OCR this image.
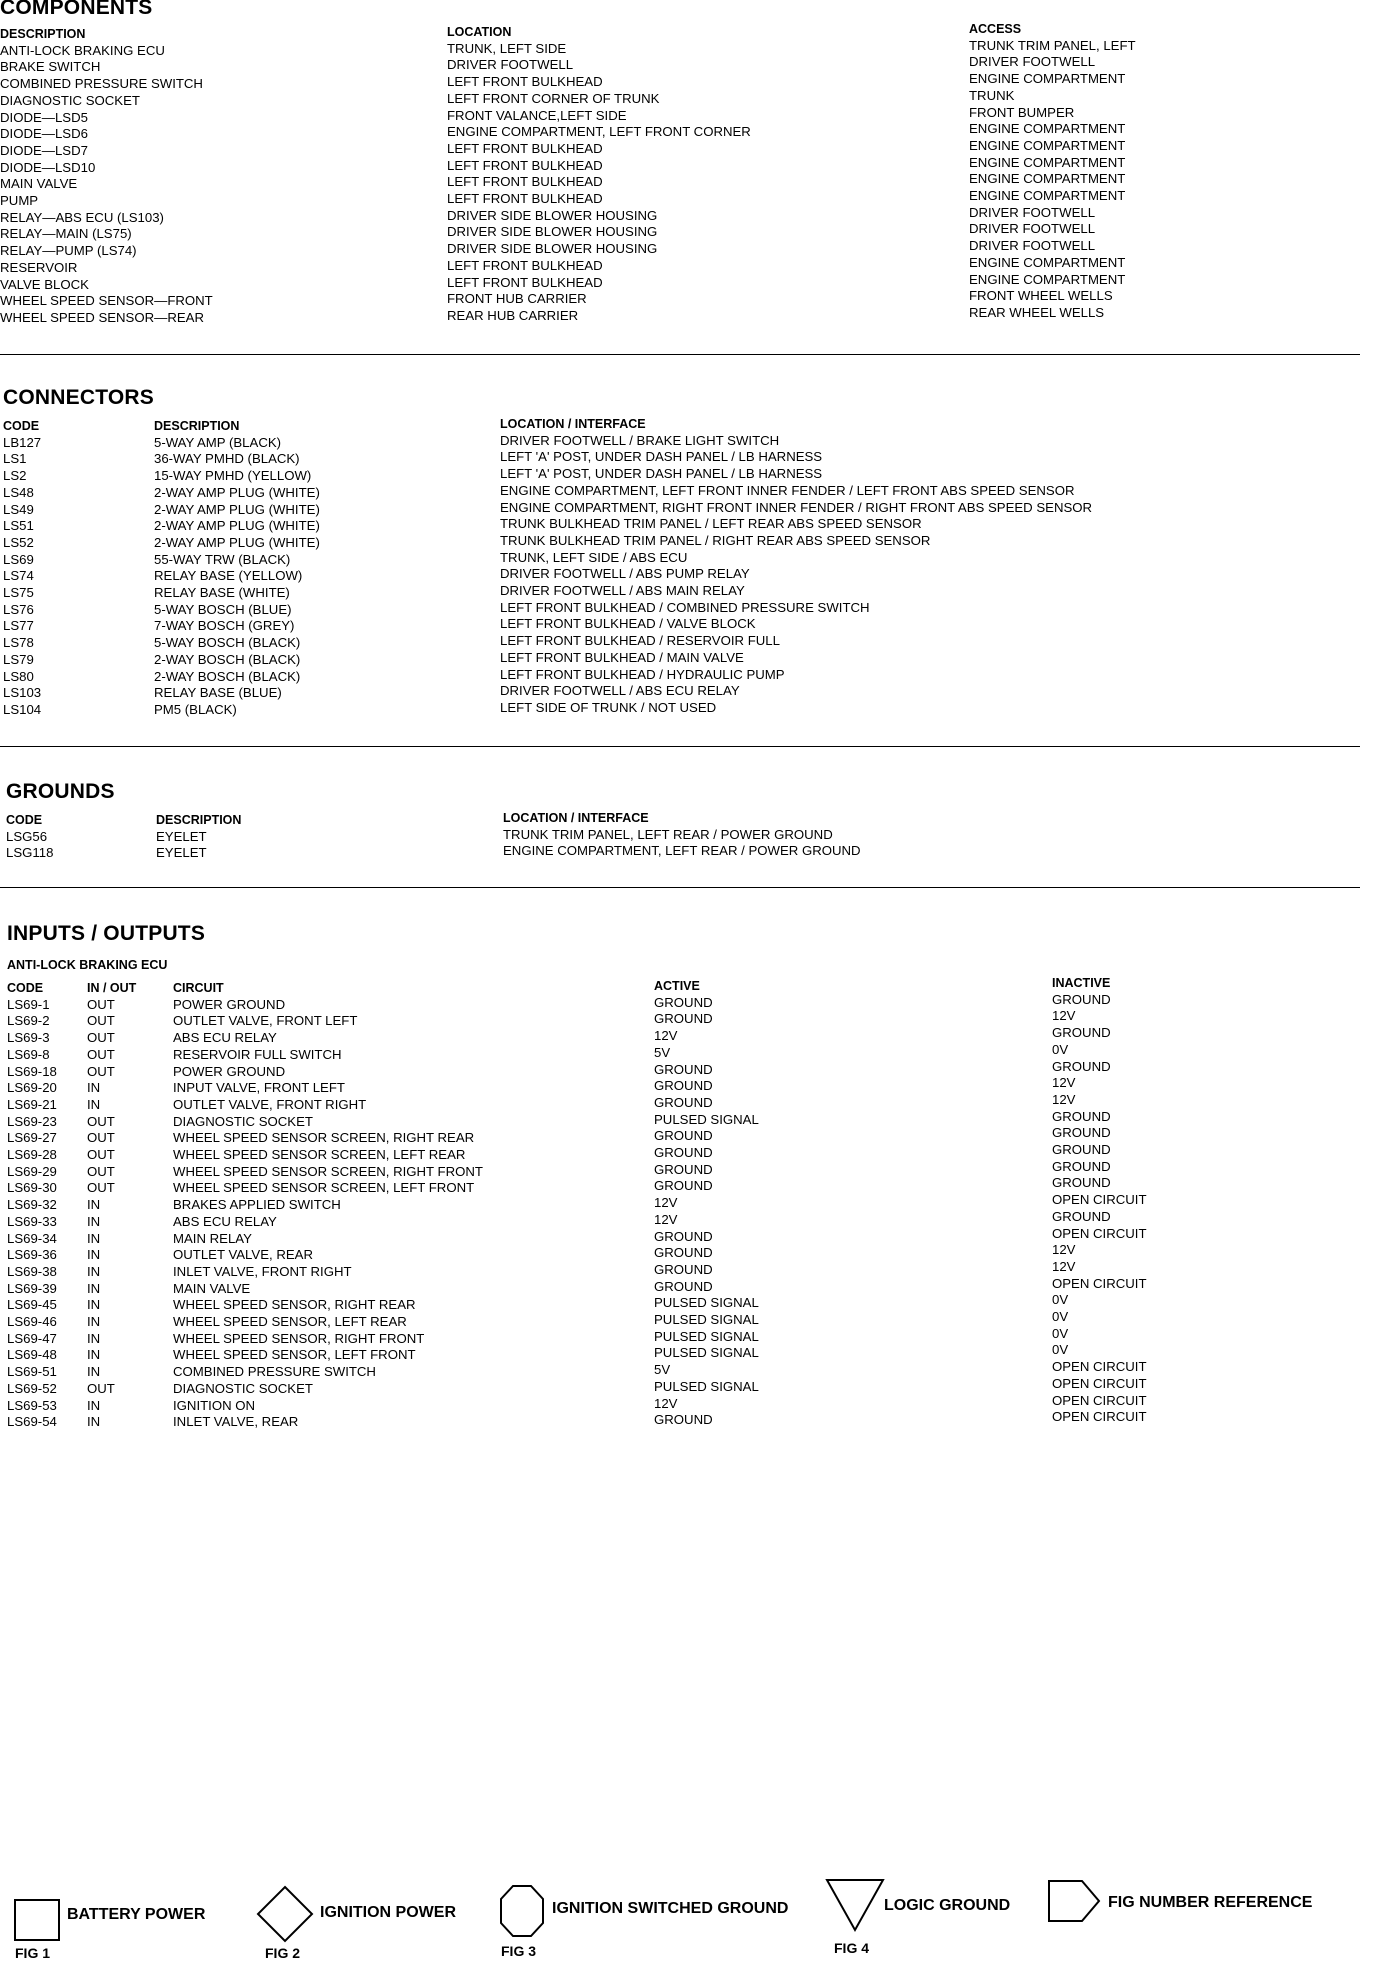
COMPONENTS
DESCRIPTION
ANTI-LOCK BRAKING ECU
BRAKE SWITCH
COMBINED PRESSURE SWITCH
DIAGNOSTIC SOCKET
DIODE—LSD5
DIODE—LSD6
DIODE—LSD7
DIODE—LSD10
MAIN VALVE
PUMP
RELAY—ABS ECU (LS103)
RELAY—MAIN (LS75)
RELAY—PUMP (LS74)
RESERVOIR
VALVE BLOCK
WHEEL SPEED SENSOR—FRONT
WHEEL SPEED SENSOR—REAR
LOCATION
TRUNK, LEFT SIDE
DRIVER FOOTWELL
LEFT FRONT BULKHEAD
LEFT FRONT CORNER OF TRUNK
FRONT VALANCE,LEFT SIDE
ENGINE COMPARTMENT, LEFT FRONT CORNER
LEFT FRONT BULKHEAD
LEFT FRONT BULKHEAD
LEFT FRONT BULKHEAD
LEFT FRONT BULKHEAD
DRIVER SIDE BLOWER HOUSING
DRIVER SIDE BLOWER HOUSING
DRIVER SIDE BLOWER HOUSING
LEFT FRONT BULKHEAD
LEFT FRONT BULKHEAD
FRONT HUB CARRIER
REAR HUB CARRIER
ACCESS
TRUNK TRIM PANEL, LEFT
DRIVER FOOTWELL
ENGINE COMPARTMENT
TRUNK
FRONT BUMPER
ENGINE COMPARTMENT
ENGINE COMPARTMENT
ENGINE COMPARTMENT
ENGINE COMPARTMENT
ENGINE COMPARTMENT
DRIVER FOOTWELL
DRIVER FOOTWELL
DRIVER FOOTWELL
ENGINE COMPARTMENT
ENGINE COMPARTMENT
FRONT WHEEL WELLS
REAR WHEEL WELLS
CONNECTORS
CODE
LB127
LS1
LS2
LS48
LS49
LS51
LS52
LS69
LS74
LS75
LS76
LS77
LS78
LS79
LS80
LS103
LS104
DESCRIPTION
5-WAY AMP (BLACK)
36-WAY PMHD (BLACK)
15-WAY PMHD (YELLOW)
2-WAY AMP PLUG (WHITE)
2-WAY AMP PLUG (WHITE)
2-WAY AMP PLUG (WHITE)
2-WAY AMP PLUG (WHITE)
55-WAY TRW (BLACK)
RELAY BASE (YELLOW)
RELAY BASE (WHITE)
5-WAY BOSCH (BLUE)
7-WAY BOSCH (GREY)
5-WAY BOSCH (BLACK)
2-WAY BOSCH (BLACK)
2-WAY BOSCH (BLACK)
RELAY BASE (BLUE)
PM5 (BLACK)
LOCATION / INTERFACE
DRIVER FOOTWELL / BRAKE LIGHT SWITCH
LEFT 'A' POST, UNDER DASH PANEL / LB HARNESS
LEFT 'A' POST, UNDER DASH PANEL / LB HARNESS
ENGINE COMPARTMENT, LEFT FRONT INNER FENDER / LEFT FRONT ABS SPEED SENSOR
ENGINE COMPARTMENT, RIGHT FRONT INNER FENDER / RIGHT FRONT ABS SPEED SENSOR
TRUNK BULKHEAD TRIM PANEL / LEFT REAR ABS SPEED SENSOR
TRUNK BULKHEAD TRIM PANEL / RIGHT REAR ABS SPEED SENSOR
TRUNK, LEFT SIDE / ABS ECU
DRIVER FOOTWELL / ABS PUMP RELAY
DRIVER FOOTWELL / ABS MAIN RELAY
LEFT FRONT BULKHEAD / COMBINED PRESSURE SWITCH
LEFT FRONT BULKHEAD / VALVE BLOCK
LEFT FRONT BULKHEAD / RESERVOIR FULL
LEFT FRONT BULKHEAD / MAIN VALVE
LEFT FRONT BULKHEAD / HYDRAULIC PUMP
DRIVER FOOTWELL / ABS ECU RELAY
LEFT SIDE OF TRUNK / NOT USED
GROUNDS
CODE
LSG56
LSG118
DESCRIPTION
EYELET
EYELET
LOCATION / INTERFACE
TRUNK TRIM PANEL, LEFT REAR / POWER GROUND
ENGINE COMPARTMENT, LEFT REAR / POWER GROUND
INPUTS / OUTPUTS
ANTI-LOCK BRAKING ECU
CODE
LS69-1
LS69-2
LS69-3
LS69-8
LS69-18
LS69-20
LS69-21
LS69-23
LS69-27
LS69-28
LS69-29
LS69-30
LS69-32
LS69-33
LS69-34
LS69-36
LS69-38
LS69-39
LS69-45
LS69-46
LS69-47
LS69-48
LS69-51
LS69-52
LS69-53
LS69-54
IN / OUT
OUT
OUT
OUT
OUT
OUT
IN
IN
OUT
OUT
OUT
OUT
OUT
IN
IN
IN
IN
IN
IN
IN
IN
IN
IN
IN
OUT
IN
IN
CIRCUIT
POWER GROUND
OUTLET VALVE, FRONT LEFT
ABS ECU RELAY
RESERVOIR FULL SWITCH
POWER GROUND
INPUT VALVE, FRONT LEFT
OUTLET VALVE, FRONT RIGHT
DIAGNOSTIC SOCKET
WHEEL SPEED SENSOR SCREEN, RIGHT REAR
WHEEL SPEED SENSOR SCREEN, LEFT REAR
WHEEL SPEED SENSOR SCREEN, RIGHT FRONT
WHEEL SPEED SENSOR SCREEN, LEFT FRONT
BRAKES APPLIED SWITCH
ABS ECU RELAY
MAIN RELAY
OUTLET VALVE, REAR
INLET VALVE, FRONT RIGHT
MAIN VALVE
WHEEL SPEED SENSOR, RIGHT REAR
WHEEL SPEED SENSOR, LEFT REAR
WHEEL SPEED SENSOR, RIGHT FRONT
WHEEL SPEED SENSOR, LEFT FRONT
COMBINED PRESSURE SWITCH
DIAGNOSTIC SOCKET
IGNITION ON
INLET VALVE, REAR
ACTIVE
GROUND
GROUND
12V
5V
GROUND
GROUND
GROUND
PULSED SIGNAL
GROUND
GROUND
GROUND
GROUND
12V
12V
GROUND
GROUND
GROUND
GROUND
PULSED SIGNAL
PULSED SIGNAL
PULSED SIGNAL
PULSED SIGNAL
5V
PULSED SIGNAL
12V
GROUND
INACTIVE
GROUND
12V
GROUND
0V
GROUND
12V
12V
GROUND
GROUND
GROUND
GROUND
GROUND
OPEN CIRCUIT
GROUND
OPEN CIRCUIT
12V
12V
OPEN CIRCUIT
0V
0V
0V
0V
OPEN CIRCUIT
OPEN CIRCUIT
OPEN CIRCUIT
OPEN CIRCUIT
BATTERY POWER
FIG 1
IGNITION POWER
FIG 2
IGNITION SWITCHED GROUND
FIG 3
LOGIC GROUND
FIG 4
FIG NUMBER REFERENCE
